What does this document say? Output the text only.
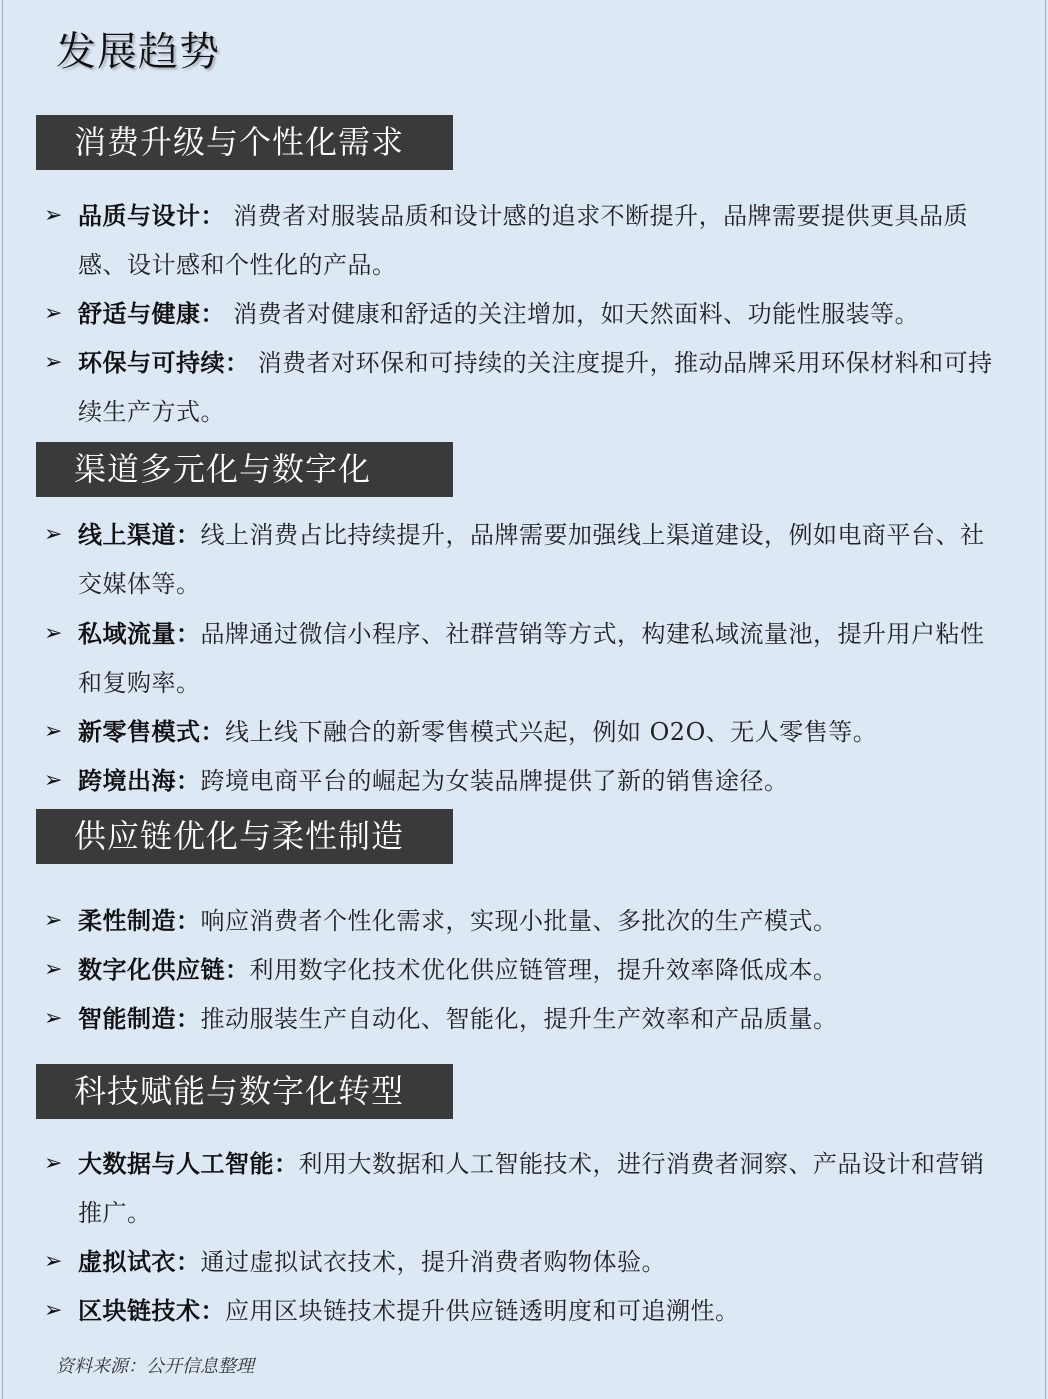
发展趋势
消费升级与个性化需求
➢ 品质与设计： 消费者对服装品质和设计感的追求不断提升，品牌需要提供更具品质感、设计感和个性化的产品。
➢ 舒适与健康： 消费者对健康和舒适的关注增加，如天然面料、功能性服装等。
➢ 环保与可持续： 消费者对环保和可持续的关注度提升，推动品牌采用环保材料和可持续生产方式。
渠道多元化与数字化
➢ 线上渠道：线上消费占比持续提升，品牌需要加强线上渠道建设，例如电商平台、社交媒体等。
➢ 私域流量：品牌通过微信小程序、社群营销等方式，构建私域流量池，提升用户粘性和复购率。
➢ 新零售模式：线上线下融合的新零售模式兴起，例如 O2O、无人零售等。
➢ 跨境出海：跨境电商平台的崛起为女装品牌提供了新的销售途径。
供应链优化与柔性制造
➢ 柔性制造：响应消费者个性化需求，实现小批量、多批次的生产模式。
➢ 数字化供应链：利用数字化技术优化供应链管理，提升效率降低成本。
➢ 智能制造：推动服装生产自动化、智能化，提升生产效率和产品质量。
科技赋能与数字化转型
➢ 大数据与人工智能：利用大数据和人工智能技术，进行消费者洞察、产品设计和营销推广。
➢ 虚拟试衣：通过虚拟试衣技术，提升消费者购物体验。
➢ 区块链技术：应用区块链技术提升供应链透明度和可追溯性。
资料来源：公开信息整理
